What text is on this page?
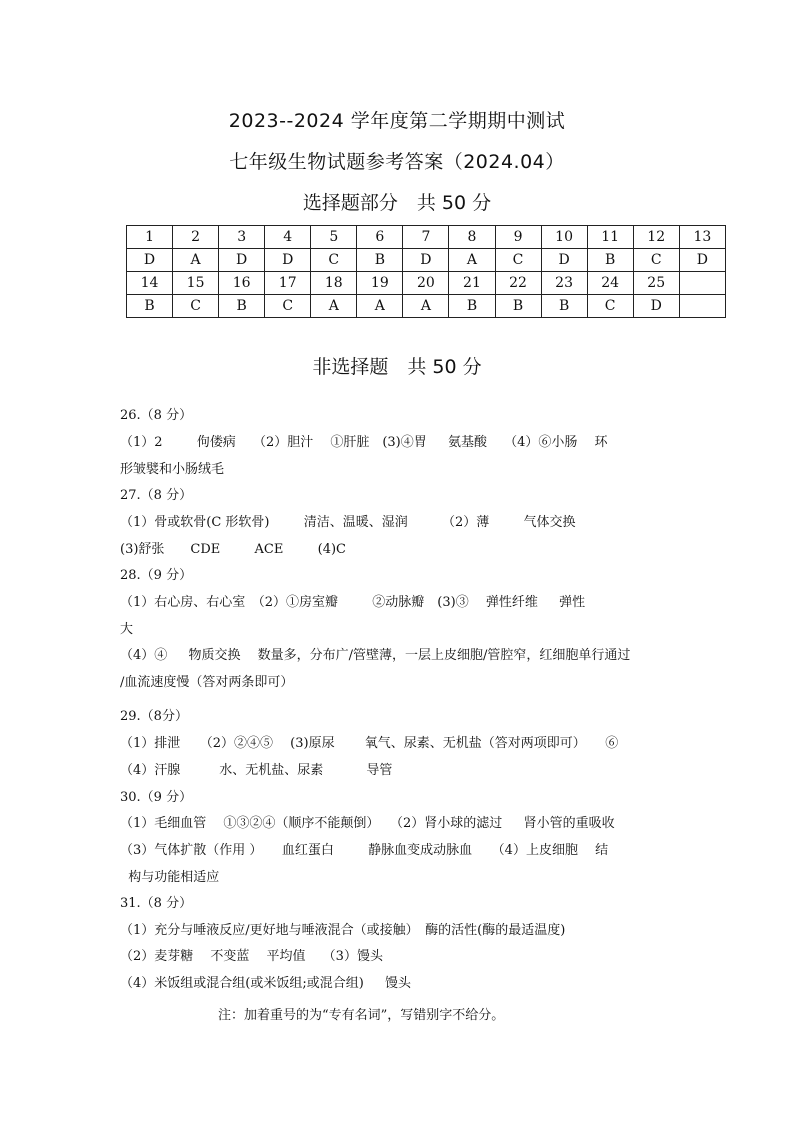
2023--2024 学年度第二学期期中测试
七年级生物试题参考答案（2024.04）
选择题部分　共 50 分
1	2	3	4	5	6	7	8	9	10	11	12	13
D	A	D	D	C	B	D	A	C	D	B	C	D
14	15	16	17	18	19	20	21	22	23	24	25	
B	C	B	C	A	A	A	B	B	B	C	D	
非选择题　共 50 分
26.（8 分）
（1）2　　  佝偻病　 （2）胆汁　 ①肝脏　(3)④胃　  氨基酸　 （4）⑥小肠　 环
形皱襞和小肠绒毛
27.（8 分）
（1）骨或软骨(C 形软骨)　　  清洁、温暖、湿润　　  （2）薄　　  气体交换
(3)舒张　　CDE　　  ACE　　  (4)C
28.（9 分）
（1）右心房、右心室　（2）①房室瓣　　  ②动脉瓣　(3)③　 弹性纤维　  弹性
大
（4）④　  物质交换　 数量多，分布广/管壁薄，一层上皮细胞/管腔窄，红细胞单行通过
/血流速度慢（答对两条即可）
29.（8分）
（1）排泄　　（2）②④⑤　 (3)原尿　　 氧气、尿素、无机盐（答对两项即可）　　⑥
（4）汗腺　　　水、无机盐、尿素　　　 导管
30.（9 分）
（1）毛细血管　 ①③②④（顺序不能颠倒）　 （2）肾小球的滤过　  肾小管的重吸收
（3）气体扩散（作用 ）　　血红蛋白　　  静脉血变成动脉血　　（4）上皮细胞　 结
构与功能相适应
31.（8 分）
（1）充分与唾液反应/更好地与唾液混合（或接触）　酶的活性(酶的最适温度)
（2）麦芽糖　 不变蓝　 平均值　 （3）馒头
（4）米饭组或混合组(或米饭组;或混合组)　  馒头
注：加着重号的为“专有名词”，写错别字不给分。
